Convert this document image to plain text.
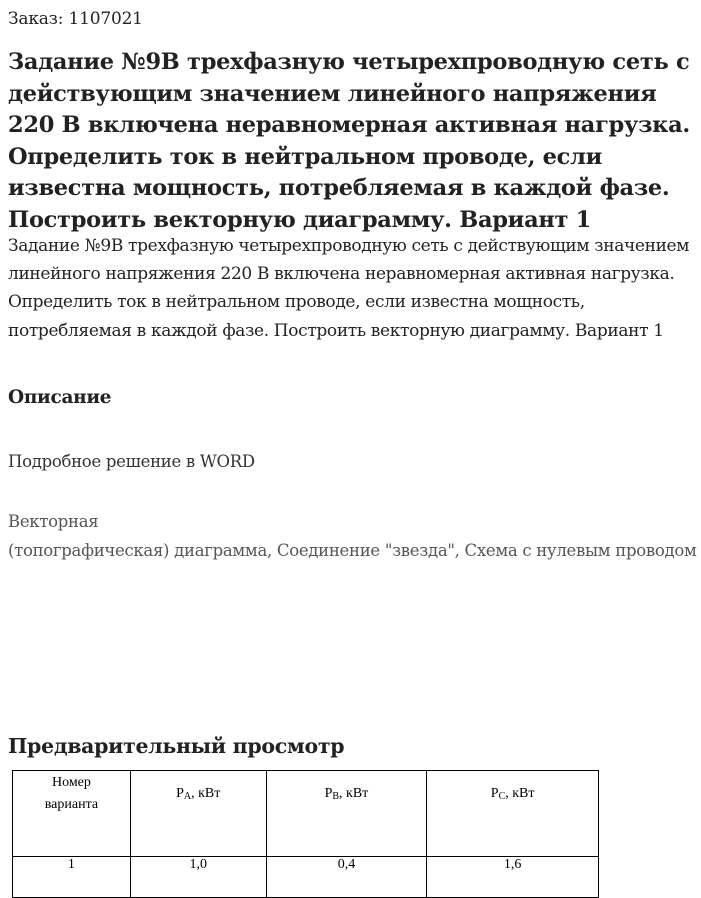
Заказ: 1107021
Задание №9В трехфазную четырехпроводную сеть с действующим значением линейного напряжения 220 В включена неравномерная активная нагрузка. Определить ток в нейтральном проводе, если известна мощность, потребляемая в каждой фазе. Построить векторную диаграмму. Вариант 1

Задание №9В трехфазную четырехпроводную сеть с действующим значением линейного напряжения 220 В включена неравномерная активная нагрузка. Определить ток в нейтральном проводе, если известна мощность, потребляемая в каждой фазе. Построить векторную диаграмму. Вариант 1

Описание

Подробное решение в WORD

Векторная
(топографическая) диаграмма, Соединение "звезда", Схема с нулевым проводом

Предварительный просмотр
Номер
варианта	$P_A$, кВт	$P_B$, кВт	$P_C$, кВт
1	1,0	0,4	1,6
